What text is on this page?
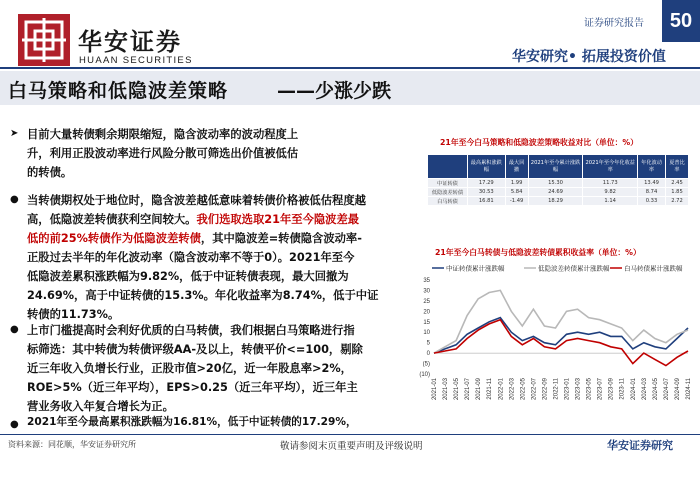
华安证券
HUAAN SECURITIES
证券研究报告	50
华安研究• 拓展投资价值
白马策略和低隐波差策略	——少涨少跌
➤ 目前大量转债剩余期限缩短，隐含波动率的波动程度上
升，利用正股波动率进行风险分散可筛选出价值被低估
的转债。
● 当转债期权处于地位时，隐含波差越低意味着转债价格被低估程度越
高，低隐波差转债获利空间较大。我们选取选取21年至今隐波差最
低的前25%转债作为低隐波差转债，其中隐波差=转债隐含波动率-
正股过去半年的年化波动率（隐含波动率不等于0）。2021年至今
低隐波差累积涨跌幅为9.82%，低于中证转债表现，最大回撤为
24.69%，高于中证转债的15.3%。年化收益率为8.74%，低于中证
转债的11.73%。
● 上市门槛提高时会利好优质的白马转债，我们根据白马策略进行指
标筛选：其中转债为转债评级AA-及以上，转债平价<=100，剔除
近三年收入负增长行业，正股市值>20亿，近一年股息率>2%，
ROE>5%（近三年平均），EPS>0.25（近三年平均），近三年主
营业务收入年复合增长为正。
● 2021年至今最高累积涨跌幅为16.81%，低于中证转债的17.29%，
21年至今白马策略和低隐波差策略收益对比（单位：%）
	最高累积涨跌幅	最大回撤	2021年至今累计涨跌幅	2021年至今年化收益率	年化波动率	夏普比率
中证转债	17.29	1.99	15.30	11.73	13.49	2.45
低隐波差转债	30.53	5.84	24.69	9.82	8.74	1.85
白马转债	16.81	-1.49	18.29	1.14	0.33	2.72
21年至今白马转债与低隐波差转债累积收益率（单位：%）
中证转债累计涨跌幅	低隐波差转债累计涨跌幅 白马转债累计涨跌幅
35
30
25
20
15
10
5
0
(5)
(10)
2021-01 2021-03 2021-05 2021-07 2021-09 2021-11 2022-01 2022-03 2022-05 2022-07 2022-09 2022-11 2023-01 2023-03 2023-05 2023-07 2023-09 2023-11 2024-01 2024-03 2024-05 2024-07 2024-09 2024-11
资料来源：同花顺，华安证券研究所	敬请参阅末页重要声明及评级说明	华安证券研究
